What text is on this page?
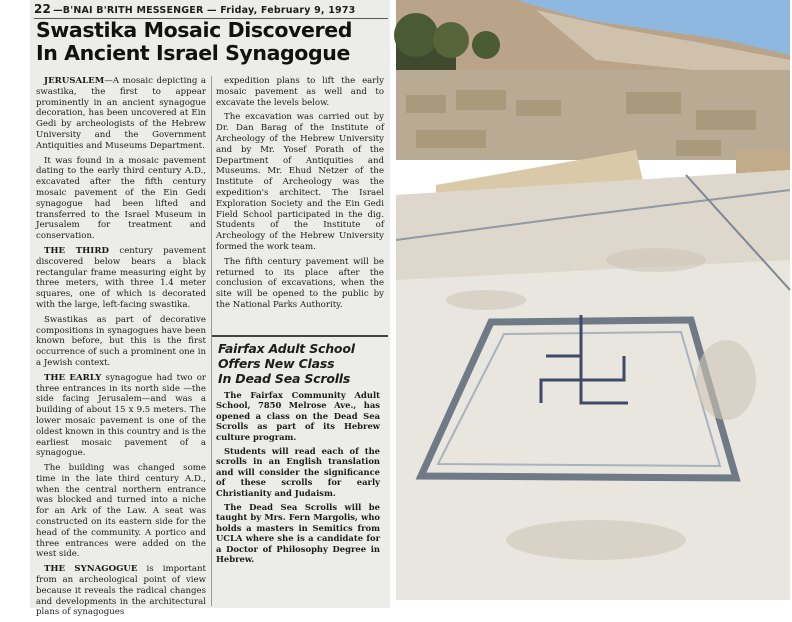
22 —B'NAI B'RITH MESSENGER — Friday, February 9, 1973
Swastika Mosaic Discovered
In Ancient Israel Synagogue

JERUSALEM—A mosaic depicting a swastika, the first to appear prominently in an ancient synagogue decoration, has been uncovered at Ein Gedi by archeologists of the Hebrew University and the Government Antiquities and Museums Department.

It was found in a mosaic pavement dating to the early third century A.D., excavated after the fifth century mosaic pavement of the Ein Gedi synagogue had been lifted and transferred to the Israel Museum in Jerusalem for treatment and conservation.

THE THIRD century pavement discovered below bears a black rectangular frame measuring eight by three meters, with three 1.4 meter squares, one of which is decorated with the large, left-facing swastika.

Swastikas as part of decorative compositions in synagogues have been known before, but this is the first occurrence of such a prominent one in a Jewish context.

THE EARLY synagogue had two or three entrances in its north side —the side facing Jerusalem—and was a building of about 15 x 9.5 meters. The lower mosaic pavement is one of the oldest known in this country and is the earliest mosaic pavement of a synagogue.

The building was changed some time in the late third century A.D., when the central northern entrance was blocked and turned into a niche for an Ark of the Law. A seat was constructed on its eastern side for the head of the community. A portico and three entrances were added on the west side.

THE SYNAGOGUE is important from an archeological point of view because it reveals the radical changes and developments in the architectural plans of synagogues

expedition plans to lift the early mosaic pavement as well and to excavate the levels below.

The excavation was carried out by Dr. Dan Barag of the Institute of Archeology of the Hebrew University and by Mr. Yosef Porath of the Department of Antiquities and Museums. Mr. Ehud Netzer of the Institute of Archeology was the expedition's architect. The Israel Exploration Society and the Ein Gedi Field School participated in the dig. Students of the Institute of Archeology of the Hebrew University formed the work team.

The fifth century pavement will be returned to its place after the conclusion of excavations, when the site will be opened to the public by the National Parks Authority.

Fairfax Adult School
Offers New Class
In Dead Sea Scrolls

The Fairfax Community Adult School, 7850 Melrose Ave., has opened a class on the Dead Sea Scrolls as part of its Hebrew culture program.

Students will read each of the scrolls in an English translation and will consider the significance of these scrolls for early Christianity and Judaism.

The Dead Sea Scrolls will be taught by Mrs. Fern Margolis, who holds a masters in Semitics from UCLA where she is a candidate for a Doctor of Philosophy Degree in Hebrew.
